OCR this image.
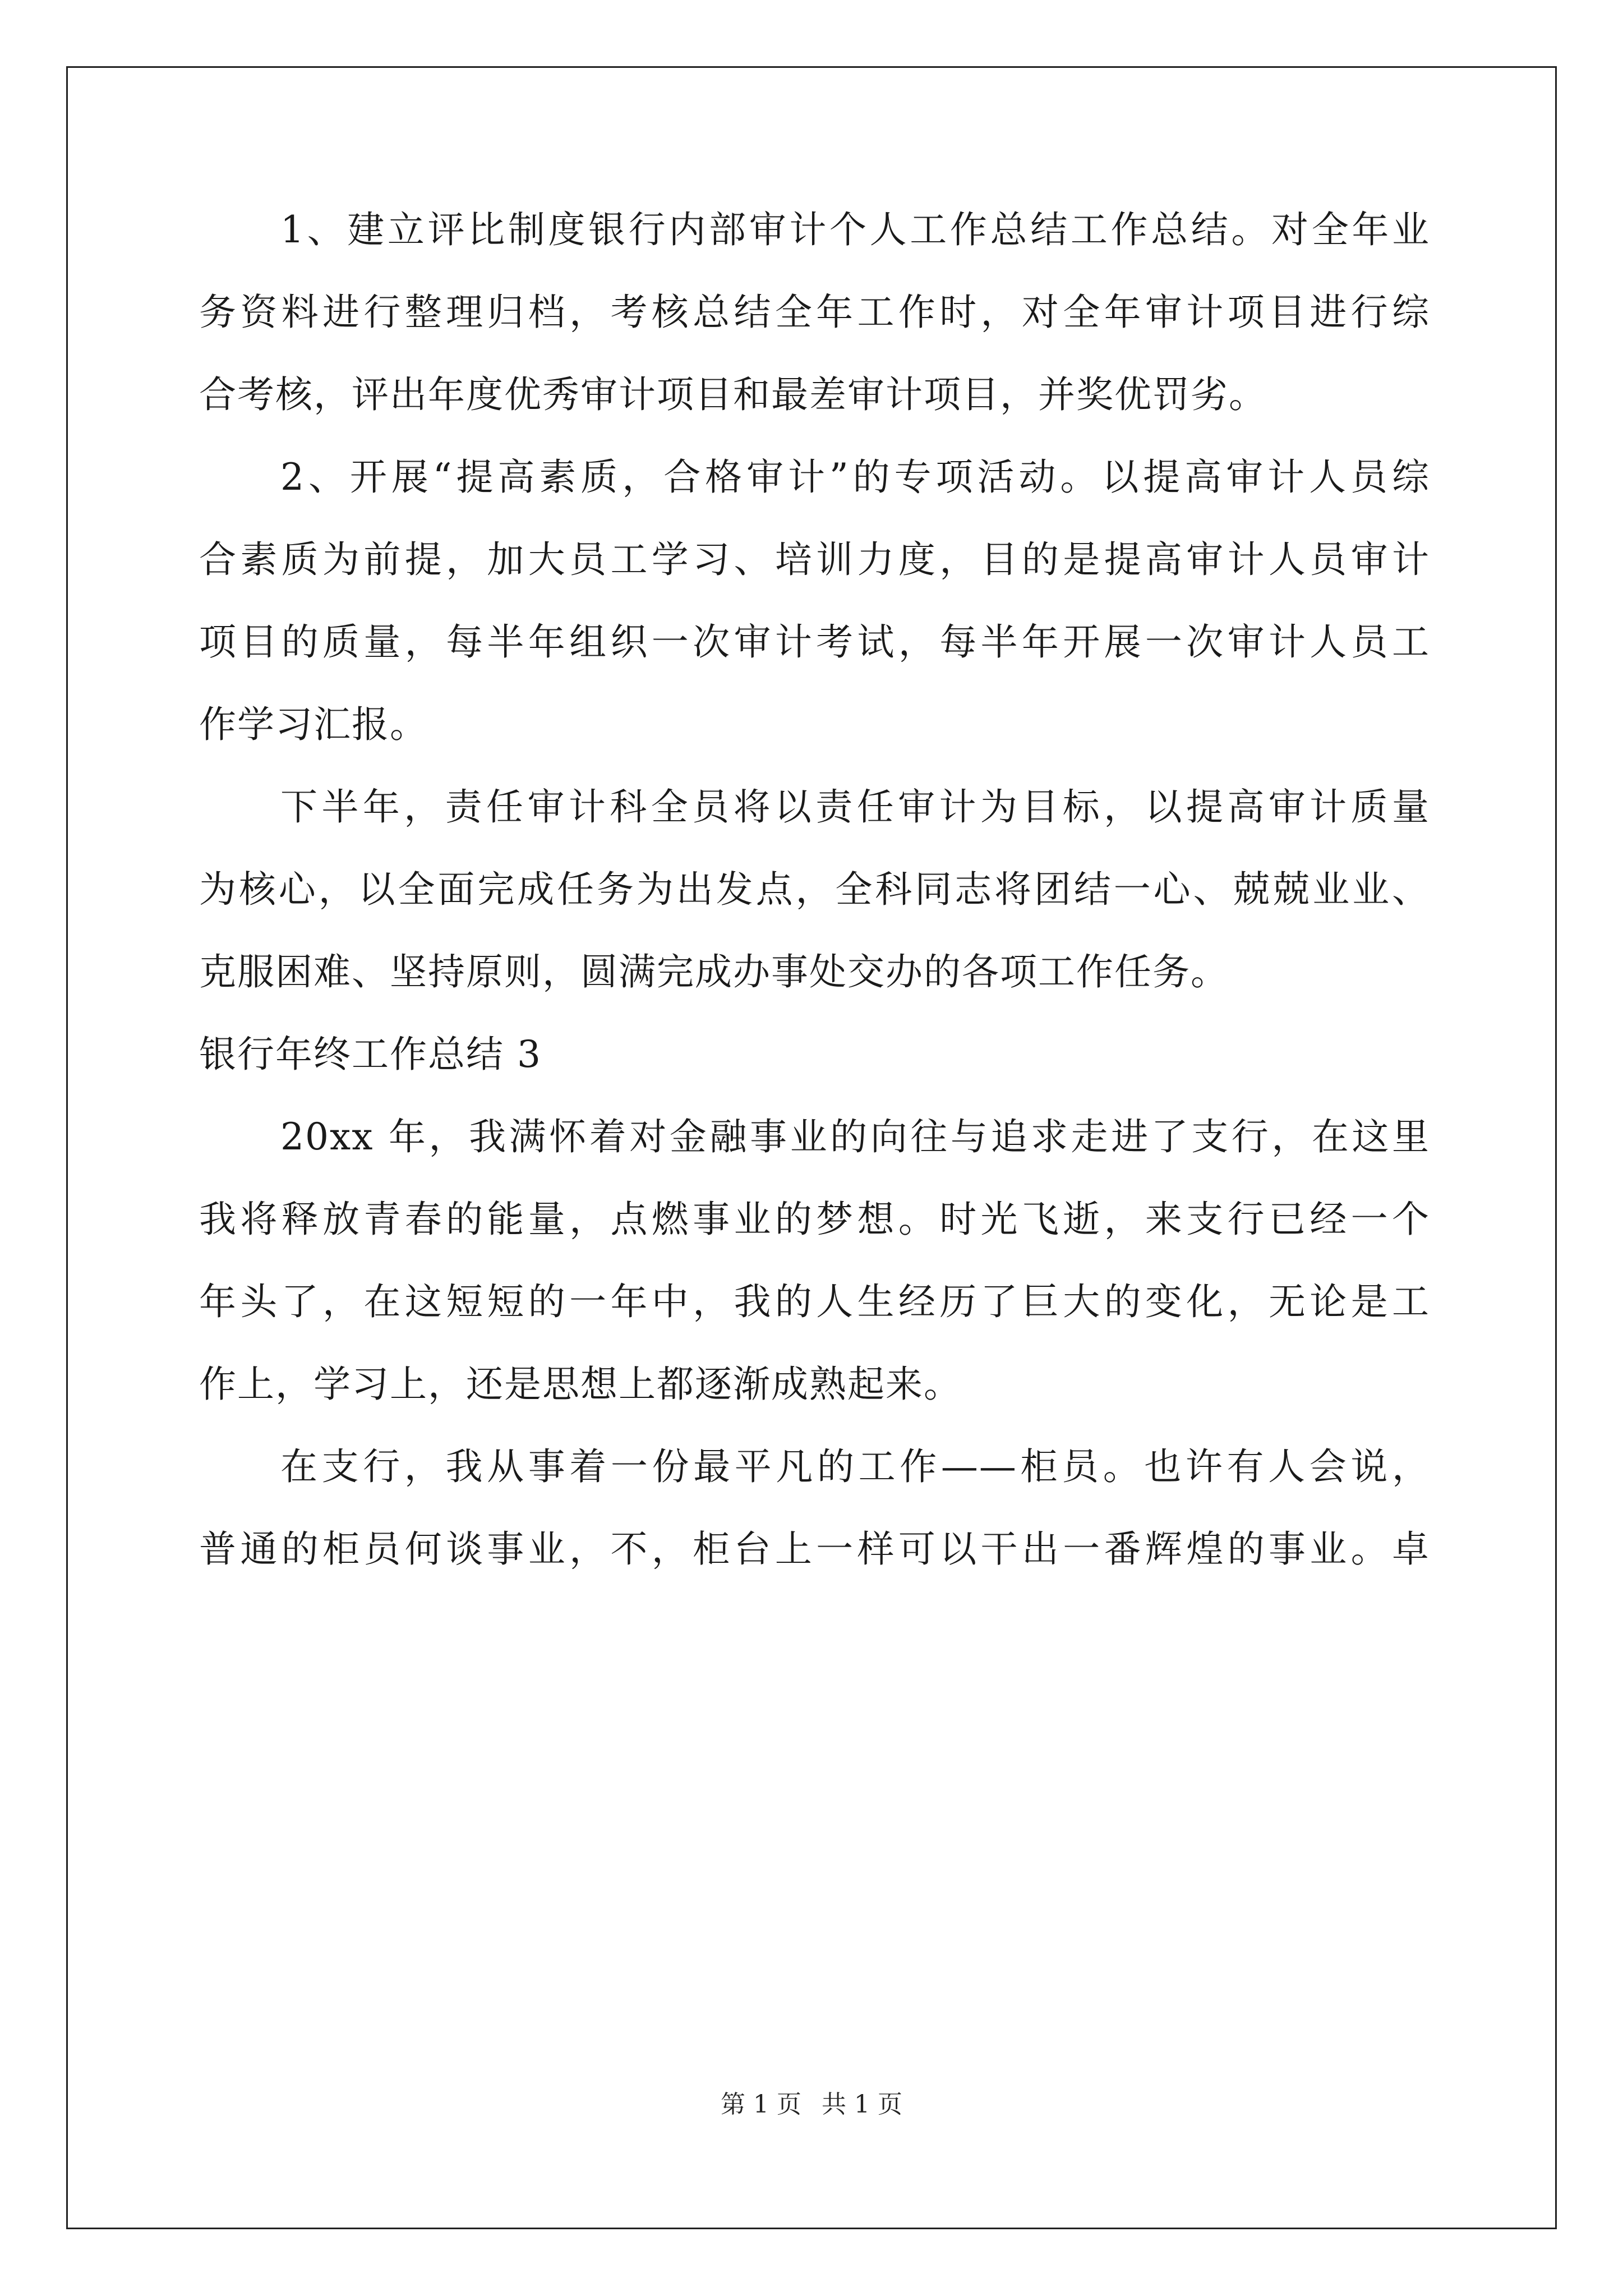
1、建立评比制度银行内部审计个人工作总结工作总结。对全年业
务资料进行整理归档，考核总结全年工作时，对全年审计项目进行综
合考核，评出年度优秀审计项目和最差审计项目，并奖优罚劣。
2、开展“提高素质，合格审计”的专项活动。以提高审计人员综
合素质为前提，加大员工学习、培训力度，目的是提高审计人员审计
项目的质量，每半年组织一次审计考试，每半年开展一次审计人员工
作学习汇报。
下半年，责任审计科全员将以责任审计为目标，以提高审计质量
为核心，以全面完成任务为出发点，全科同志将团结一心、兢兢业业、
克服困难、坚持原则，圆满完成办事处交办的各项工作任务。
银行年终工作总结 3
20xx 年，我满怀着对金融事业的向往与追求走进了支行，在这里
我将释放青春的能量，点燃事业的梦想。时光飞逝，来支行已经一个
年头了，在这短短的一年中，我的人生经历了巨大的变化，无论是工
作上，学习上，还是思想上都逐渐成熟起来。
在支行，我从事着一份最平凡的工作——柜员。也许有人会说，
普通的柜员何谈事业，不，柜台上一样可以干出一番辉煌的事业。卓
第 1 页 共 1 页
